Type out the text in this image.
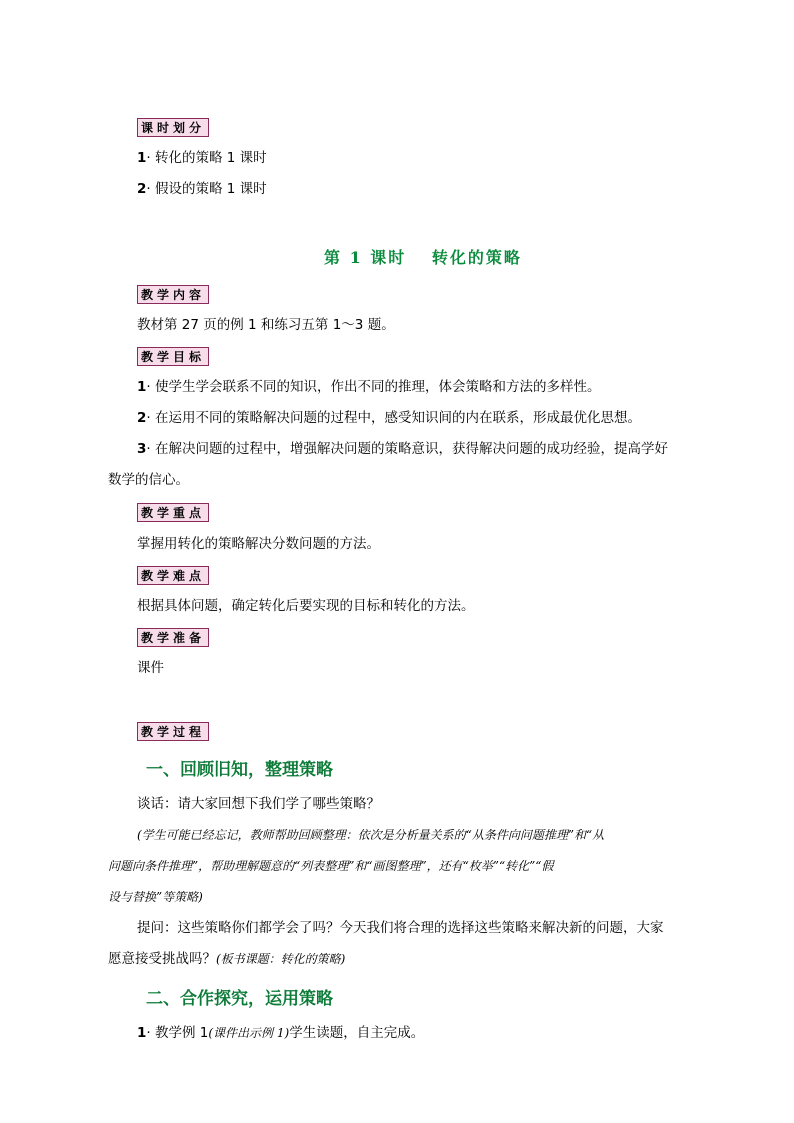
课时划分
1· 转化的策略 1 课时
2· 假设的策略 1 课时
第 1 课时　 转化的策略
教学内容
教材第 27 页的例 1 和练习五第 1～3 题。
教学目标
1· 使学生学会联系不同的知识，作出不同的推理，体会策略和方法的多样性。
2· 在运用不同的策略解决问题的过程中，感受知识间的内在联系，形成最优化思想。
3· 在解决问题的过程中，增强解决问题的策略意识，获得解决问题的成功经验，提高学好
数学的信心。
教学重点
掌握用转化的策略解决分数问题的方法。
教学难点
根据具体问题，确定转化后要实现的目标和转化的方法。
教学准备
课件
教学过程
一、回顾旧知，整理策略
谈话：请大家回想下我们学了哪些策略？
(学生可能已经忘记，教师帮助回顾整理：依次是分析量关系的“从条件向问题推理”和“从
问题向条件推理”，帮助理解题意的“列表整理”和“画图整理”，还有“枚举”“转化”“假
设与替换”等策略)
提问：这些策略你们都学会了吗？今天我们将合理的选择这些策略来解决新的问题，大家
愿意接受挑战吗？(板书课题：转化的策略)
二、合作探究，运用策略
1· 教学例 1(课件出示例 1)学生读题，自主完成。
